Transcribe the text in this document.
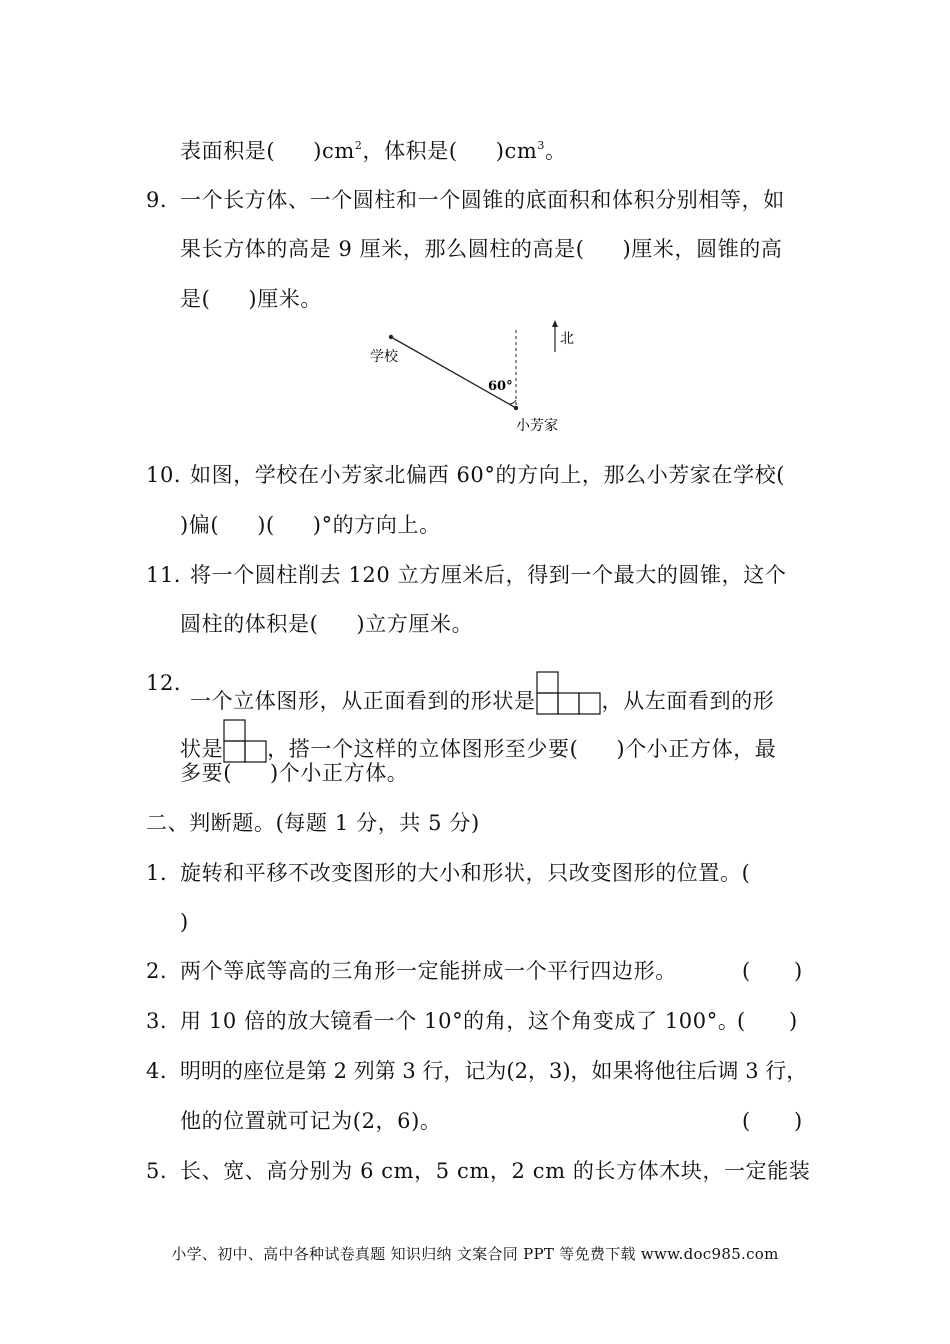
表面积是( )$cm^2$，体积是( )$cm^3$。
9．
一个长方体、一个圆柱和一个圆锥的底面积和体积分别相等，如
果长方体的高是 9 厘米，那么圆柱的高是( )厘米，圆锥的高
是( )厘米。
北
学校
60°
小芳家
10．
如图，学校在小芳家北偏西 60°的方向上，那么小芳家在学校(
)偏( )( )°的方向上。
11．
将一个圆柱削去 120 立方厘米后，得到一个最大的圆锥，这个
圆柱的体积是( )立方厘米。
12．
一个立体图形，从正面看到的形状是	，从左面看到的形
状是 ，搭一个这样的立体图形至少要( )个小正方体，最
多要( )个小正方体。
二、判断题。(每题 1 分，共 5 分)
1．
旋转和平移不改变图形的大小和形状，只改变图形的位置。(
)
2．
两个等底等高的三角形一定能拼成一个平行四边形。	(　　)
3．
用 10 倍的放大镜看一个 10°的角，这个角变成了 100°。
(　　)
4．
明明的座位是第 2 列第 3 行，记为(2，3)，如果将他往后调 3 行，
他的位置就可记为(2，6)。	(　　)
5．
长、宽、高分别为 6 cm，5 cm，2 cm 的长方体木块，一定能装
小学、初中、高中各种试卷真题 知识归纳 文案合同 PPT 等免费下载 www.doc985.com
